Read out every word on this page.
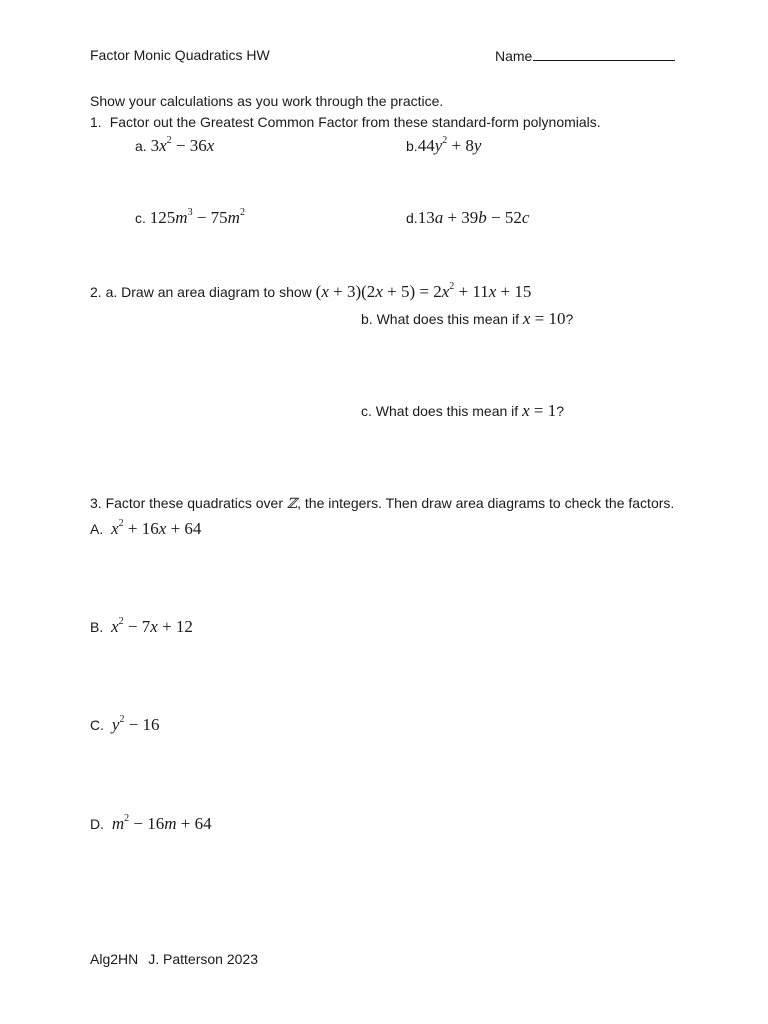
Factor Monic Quadratics HW	Name
Show your calculations as you work through the practice.
1. Factor out the Greatest Common Factor from these standard-form polynomials.
a. $3x^2 - 36x$	$b.44y^2 + 8y$
c. $125m^3 - 75m^2$	d.13a + 39b − 52c
2. a. Draw an area diagram to show $(x + 3)(2x + 5) = 2x^2 + 11x + 15$
b. What does this mean if x = 10?
c. What does this mean if x = 1?
3. Factor these quadratics over ℤ, the integers. Then draw area diagrams to check the factors.
A. $x^2 + 16x + 64$
B. $x^2 - 7x + 12$
C. $y^2 - 16$
D. $m^2 - 16m + 64$
Alg2HN J. Patterson 2023
